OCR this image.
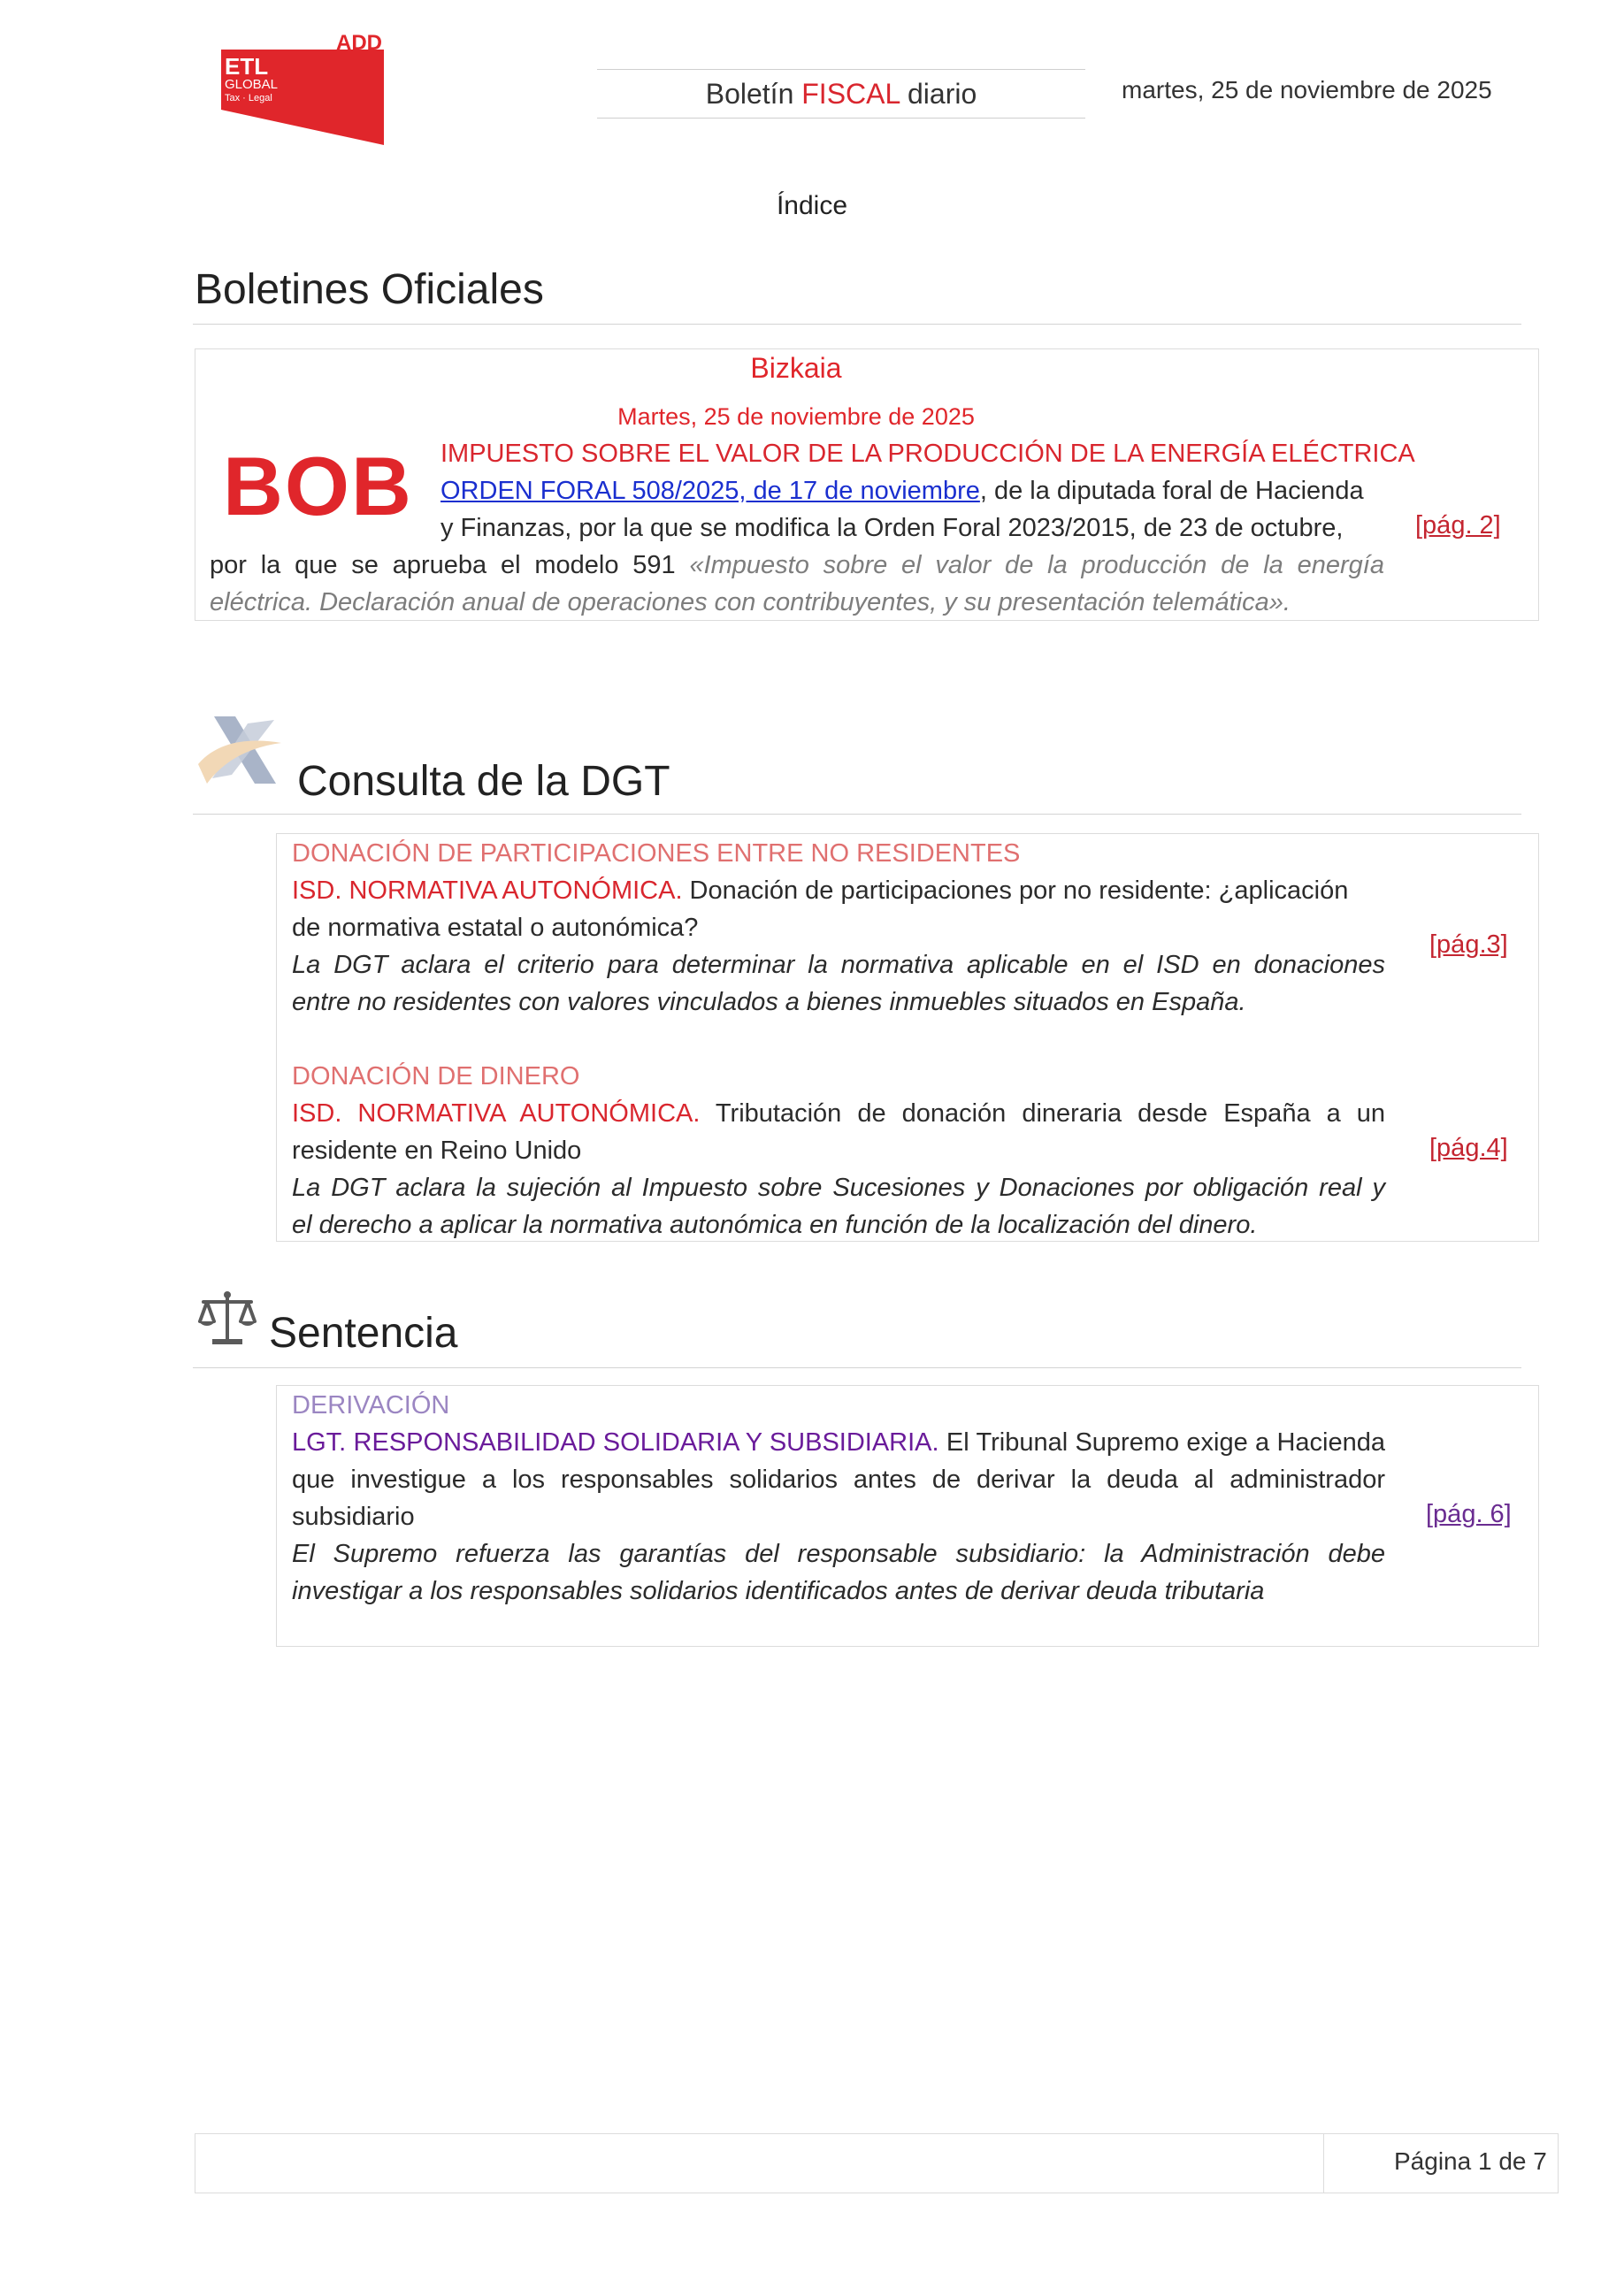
ADD
ETL
GLOBAL
Tax · Legal	Boletín FISCAL diario	martes, 25 de noviembre de 2025
Índice
Boletines Oficiales
Bizkaia
Martes, 25 de noviembre de 2025
BOB IMPUESTO SOBRE EL VALOR DE LA PRODUCCIÓN DE LA ENERGÍA ELÉCTRICA
ORDEN FORAL 508/2025, de 17 de noviembre, de la diputada foral de Hacienda
y Finanzas, por la que se modifica la Orden Foral 2023/2015, de 23 de octubre,
por la que se aprueba el modelo 591 «Impuesto sobre el valor de la producción de la energía
eléctrica. Declaración anual de operaciones con contribuyentes, y su presentación telemática».
[pág. 2]
Consulta de la DGT
DONACIÓN DE PARTICIPACIONES ENTRE NO RESIDENTES
ISD. NORMATIVA AUTONÓMICA. Donación de participaciones por no residente: ¿aplicación
de normativa estatal o autonómica?
La DGT aclara el criterio para determinar la normativa aplicable en el ISD en donaciones
entre no residentes con valores vinculados a bienes inmuebles situados en España.
[pág.3]
DONACIÓN DE DINERO
ISD. NORMATIVA AUTONÓMICA. Tributación de donación dineraria desde España a un
residente en Reino Unido
La DGT aclara la sujeción al Impuesto sobre Sucesiones y Donaciones por obligación real y
el derecho a aplicar la normativa autonómica en función de la localización del dinero.
[pág.4]
Sentencia
DERIVACIÓN
LGT. RESPONSABILIDAD SOLIDARIA Y SUBSIDIARIA. El Tribunal Supremo exige a Hacienda
que investigue a los responsables solidarios antes de derivar la deuda al administrador
subsidiario
El Supremo refuerza las garantías del responsable subsidiario: la Administración debe
investigar a los responsables solidarios identificados antes de derivar deuda tributaria
[pág. 6]
Página 1 de 7
